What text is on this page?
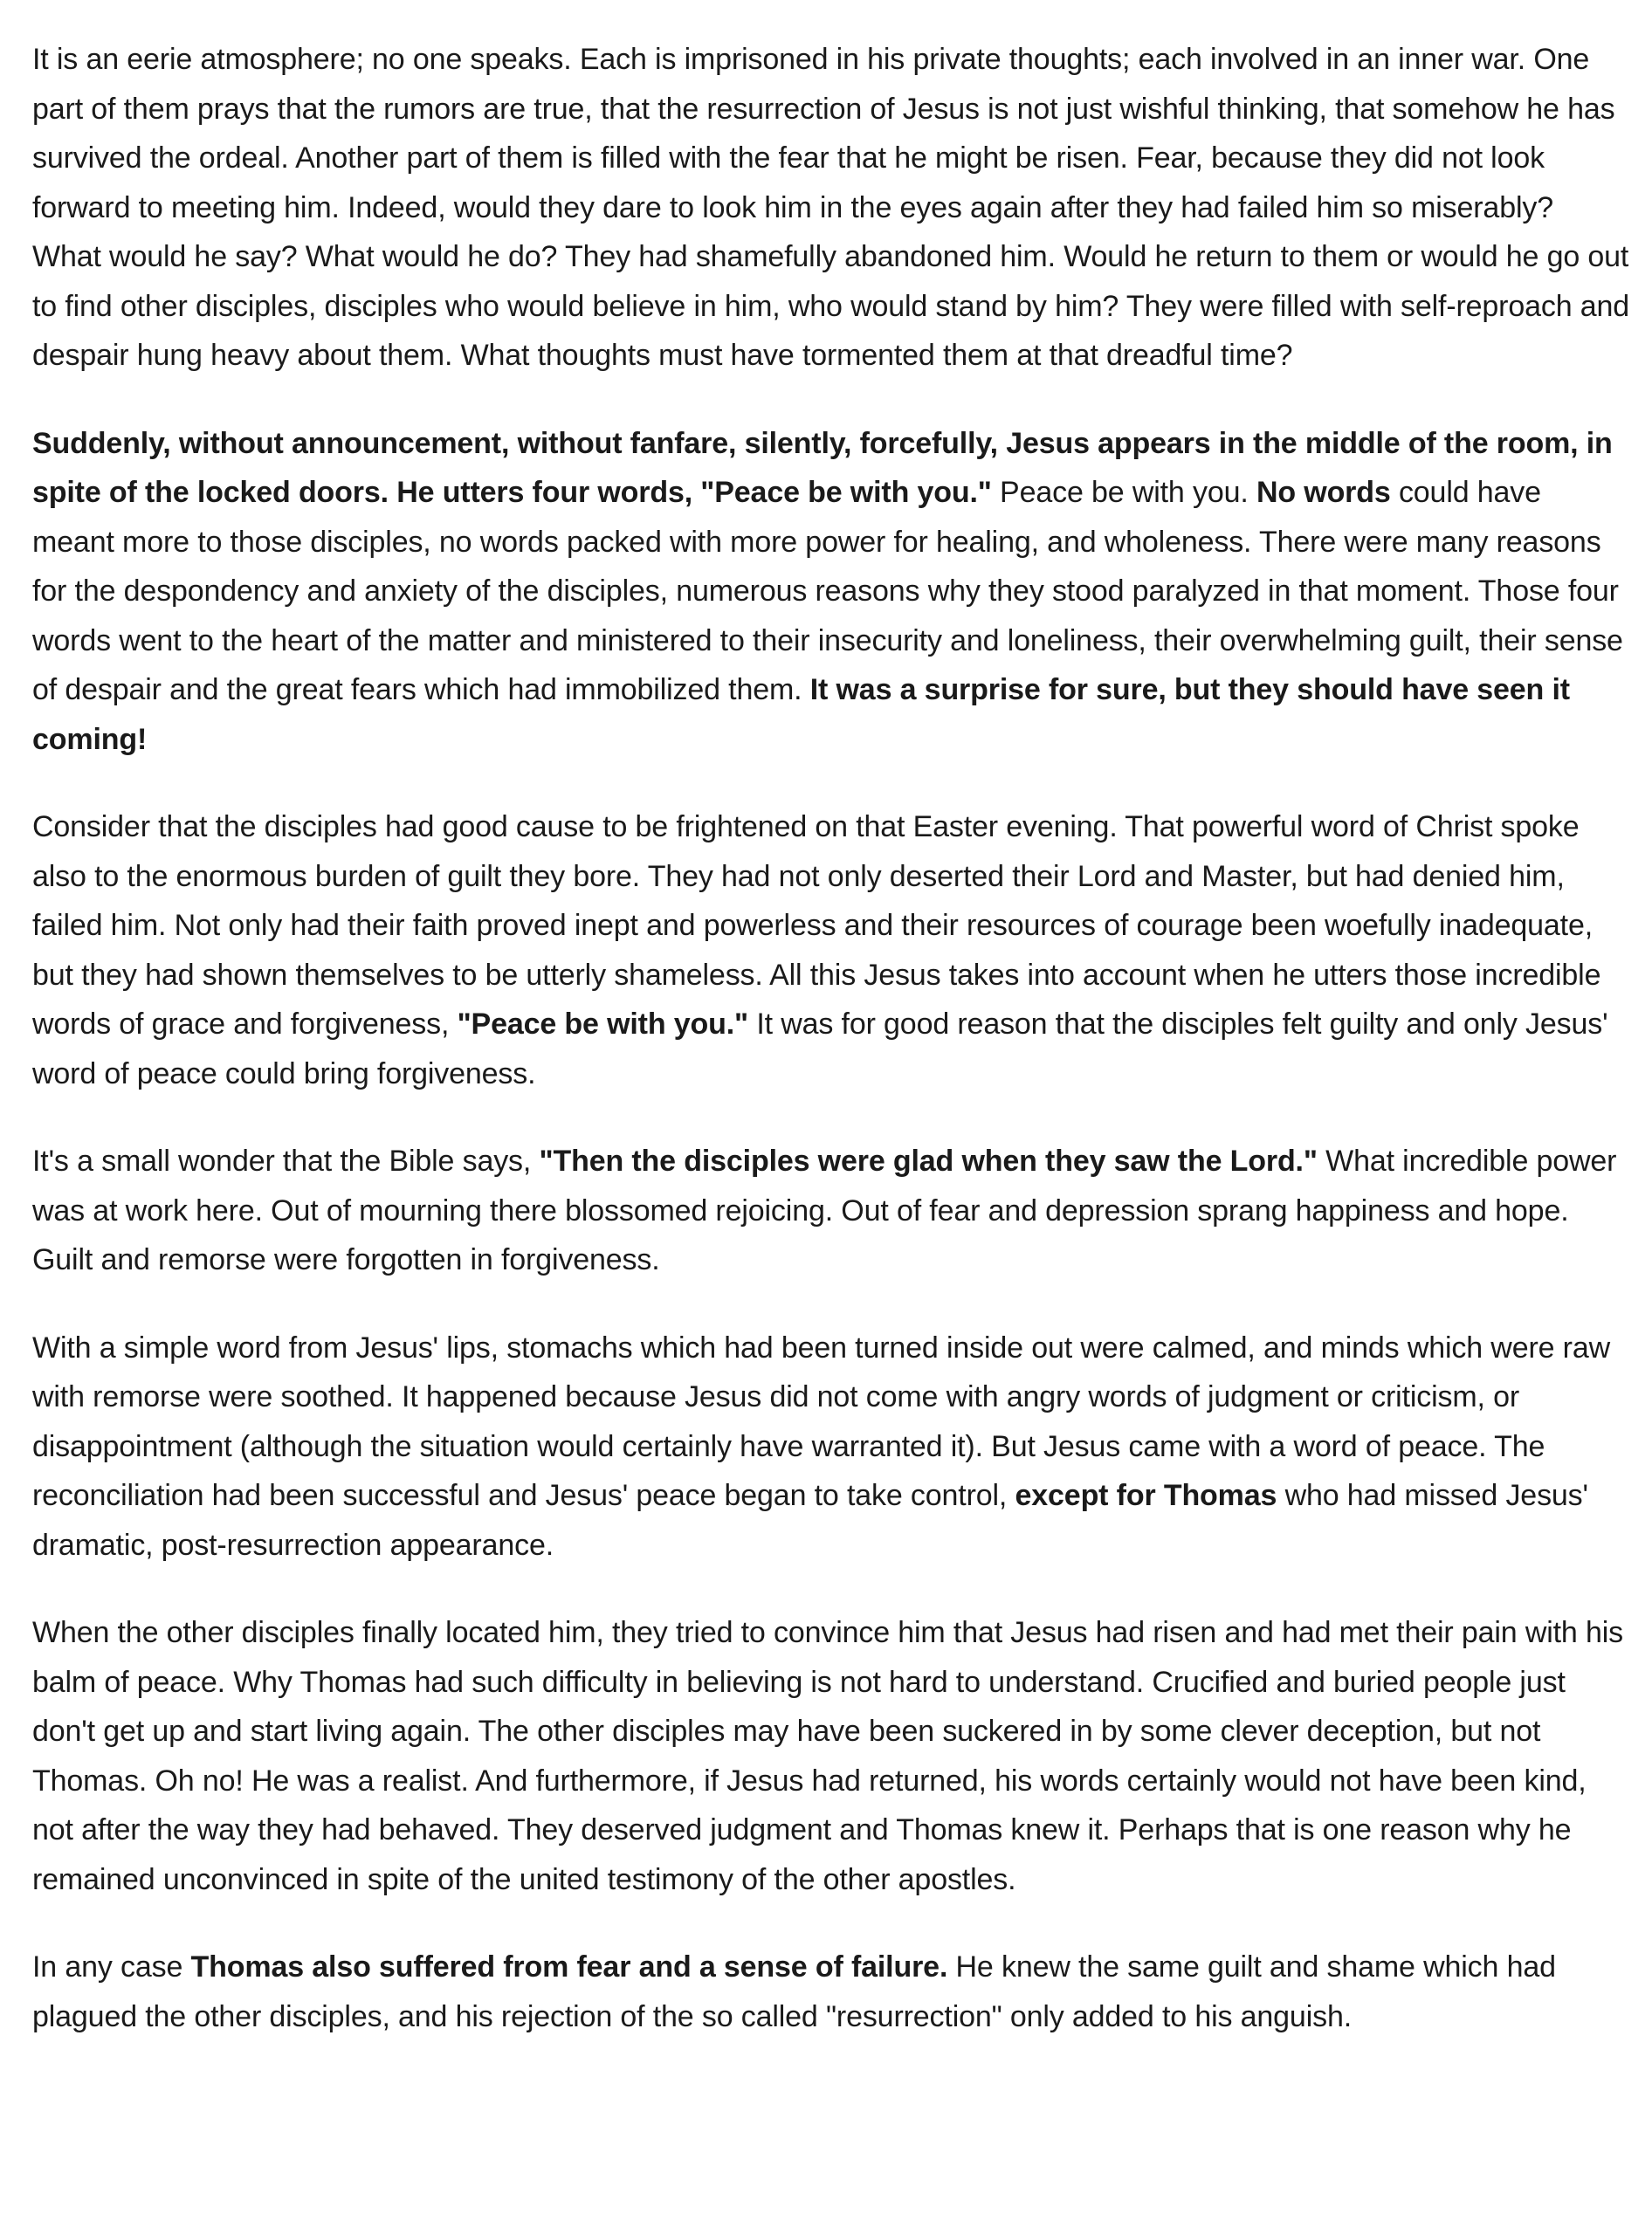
It is an eerie atmosphere; no one speaks. Each is imprisoned in his private thoughts; each involved in an inner war. One part of them prays that the rumors are true, that the resurrection of Jesus is not just wishful thinking, that somehow he has survived the ordeal. Another part of them is filled with the fear that he might be risen. Fear, because they did not look forward to meeting him. Indeed, would they dare to look him in the eyes again after they had failed him so miserably? What would he say? What would he do? They had shamefully abandoned him. Would he return to them or would he go out to find other disciples, disciples who would believe in him, who would stand by him? They were filled with self-reproach and despair hung heavy about them. What thoughts must have tormented them at that dreadful time?

Suddenly, without announcement, without fanfare, silently, forcefully, Jesus appears in the middle of the room, in spite of the locked doors. He utters four words, "Peace be with you." Peace be with you. No words could have meant more to those disciples, no words packed with more power for healing, and wholeness. There were many reasons for the despondency and anxiety of the disciples, numerous reasons why they stood paralyzed in that moment. Those four words went to the heart of the matter and ministered to their insecurity and loneliness, their overwhelming guilt, their sense of despair and the great fears which had immobilized them. It was a surprise for sure, but they should have seen it coming!

Consider that the disciples had good cause to be frightened on that Easter evening. That powerful word of Christ spoke also to the enormous burden of guilt they bore. They had not only deserted their Lord and Master, but had denied him, failed him. Not only had their faith proved inept and powerless and their resources of courage been woefully inadequate, but they had shown themselves to be utterly shameless. All this Jesus takes into account when he utters those incredible words of grace and forgiveness, "Peace be with you." It was for good reason that the disciples felt guilty and only Jesus' word of peace could bring forgiveness.

It's a small wonder that the Bible says, "Then the disciples were glad when they saw the Lord." What incredible power was at work here. Out of mourning there blossomed rejoicing. Out of fear and depression sprang happiness and hope. Guilt and remorse were forgotten in forgiveness.

With a simple word from Jesus' lips, stomachs which had been turned inside out were calmed, and minds which were raw with remorse were soothed. It happened because Jesus did not come with angry words of judgment or criticism, or disappointment (although the situation would certainly have warranted it). But Jesus came with a word of peace. The reconciliation had been successful and Jesus' peace began to take control, except for Thomas who had missed Jesus' dramatic, post-resurrection appearance.

When the other disciples finally located him, they tried to convince him that Jesus had risen and had met their pain with his balm of peace. Why Thomas had such difficulty in believing is not hard to understand. Crucified and buried people just don't get up and start living again. The other disciples may have been suckered in by some clever deception, but not Thomas. Oh no! He was a realist. And furthermore, if Jesus had returned, his words certainly would not have been kind, not after the way they had behaved. They deserved judgment and Thomas knew it. Perhaps that is one reason why he remained unconvinced in spite of the united testimony of the other apostles.

In any case Thomas also suffered from fear and a sense of failure. He knew the same guilt and shame which had plagued the other disciples, and his rejection of the so called "resurrection" only added to his anguish.
